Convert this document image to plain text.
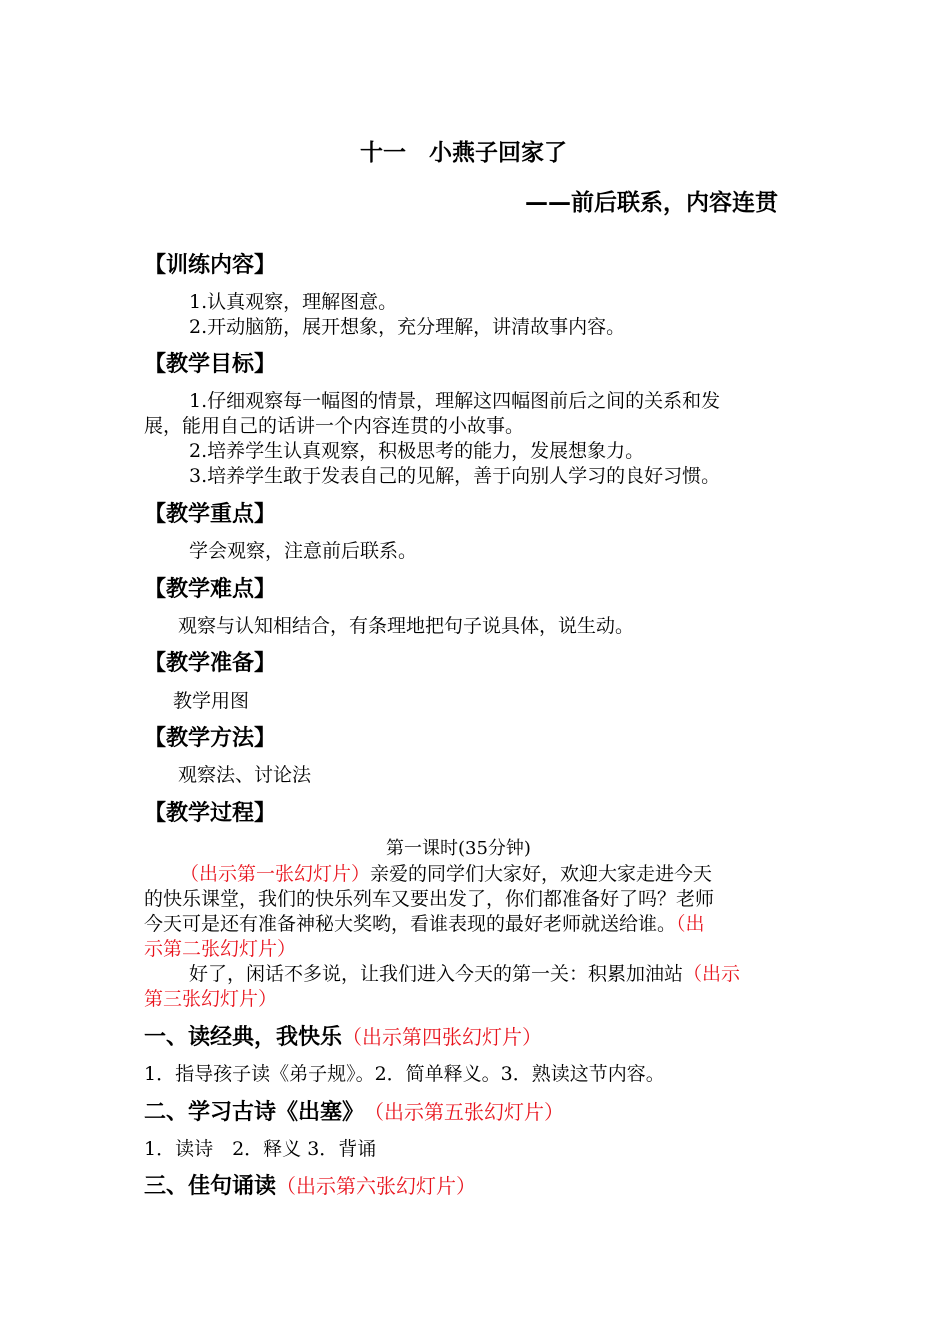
十一　小燕子回家了
——前后联系，内容连贯
【训练内容】
1.认真观察，理解图意。
2.开动脑筋，展开想象，充分理解，讲清故事内容。
【教学目标】
1.仔细观察每一幅图的情景，理解这四幅图前后之间的关系和发
展，能用自己的话讲一个内容连贯的小故事。
2.培养学生认真观察，积极思考的能力，发展想象力。
3.培养学生敢于发表自己的见解，善于向别人学习的良好习惯。
【教学重点】
学会观察，注意前后联系。
【教学难点】
观察与认知相结合，有条理地把句子说具体，说生动。
【教学准备】
教学用图
【教学方法】
观察法、讨论法
【教学过程】
第一课时(35分钟)
（出示第一张幻灯片）亲爱的同学们大家好，欢迎大家走进今天
的快乐课堂，我们的快乐列车又要出发了，你们都准备好了吗？老师
今天可是还有准备神秘大奖哟，看谁表现的最好老师就送给谁。（出
示第二张幻灯片）
好了，闲话不多说，让我们进入今天的第一关：积累加油站（出示
第三张幻灯片）
一、读经典，我快乐（出示第四张幻灯片）
1．指导孩子读《弟子规》。2．简单释义。3．熟读这节内容。
二、学习古诗《出塞》 （出示第五张幻灯片）
1．读诗　2．释义 3．背诵
三、佳句诵读（出示第六张幻灯片）
